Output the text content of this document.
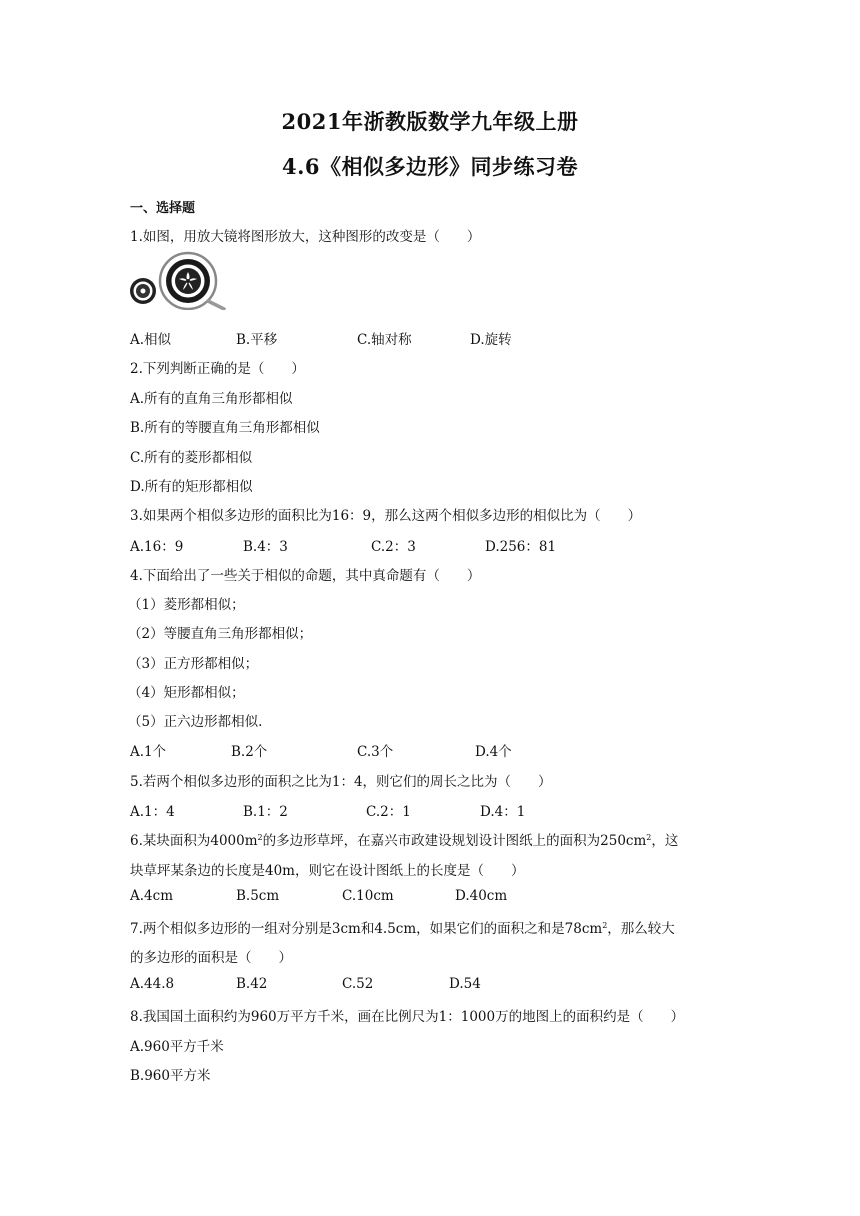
2021年浙教版数学九年级上册
4.6《相似多边形》同步练习卷
一、选择题
1.如图，用放大镜将图形放大，这种图形的改变是（　　）
A.相似	B.平移	C.轴对称	D.旋转
2.下列判断正确的是（　　）
A.所有的直角三角形都相似
B.所有的等腰直角三角形都相似
C.所有的菱形都相似
D.所有的矩形都相似
3.如果两个相似多边形的面积比为16：9，那么这两个相似多边形的相似比为（　　）
A.16：9	B.4：3	C.2：3	D.256：81
4.下面给出了一些关于相似的命题，其中真命题有（　　）
（1）菱形都相似；
（2）等腰直角三角形都相似；
（3）正方形都相似；
（4）矩形都相似；
（5）正六边形都相似.
A.1个	B.2个	C.3个	D.4个
5.若两个相似多边形的面积之比为1：4，则它们的周长之比为（　　）
A.1：4	B.1：2	C.2：1	D.4：1
6.某块面积为$4000m^2$的多边形草坪，在嘉兴市政建设规划设计图纸上的面积为$250cm^2$，这
块草坪某条边的长度是40m，则它在设计图纸上的长度是（　　）
A.4cm	B.5cm	C.10cm	D.40cm
7.两个相似多边形的一组对分别是3cm和4.5cm，如果它们的面积之和是$78cm^2$，那么较大
的多边形的面积是（　　）
A.44.8	B.42	C.52	D.54
8.我国国土面积约为960万平方千米，画在比例尺为1：1000万的地图上的面积约是（　　）
A.960平方千米
B.960平方米
